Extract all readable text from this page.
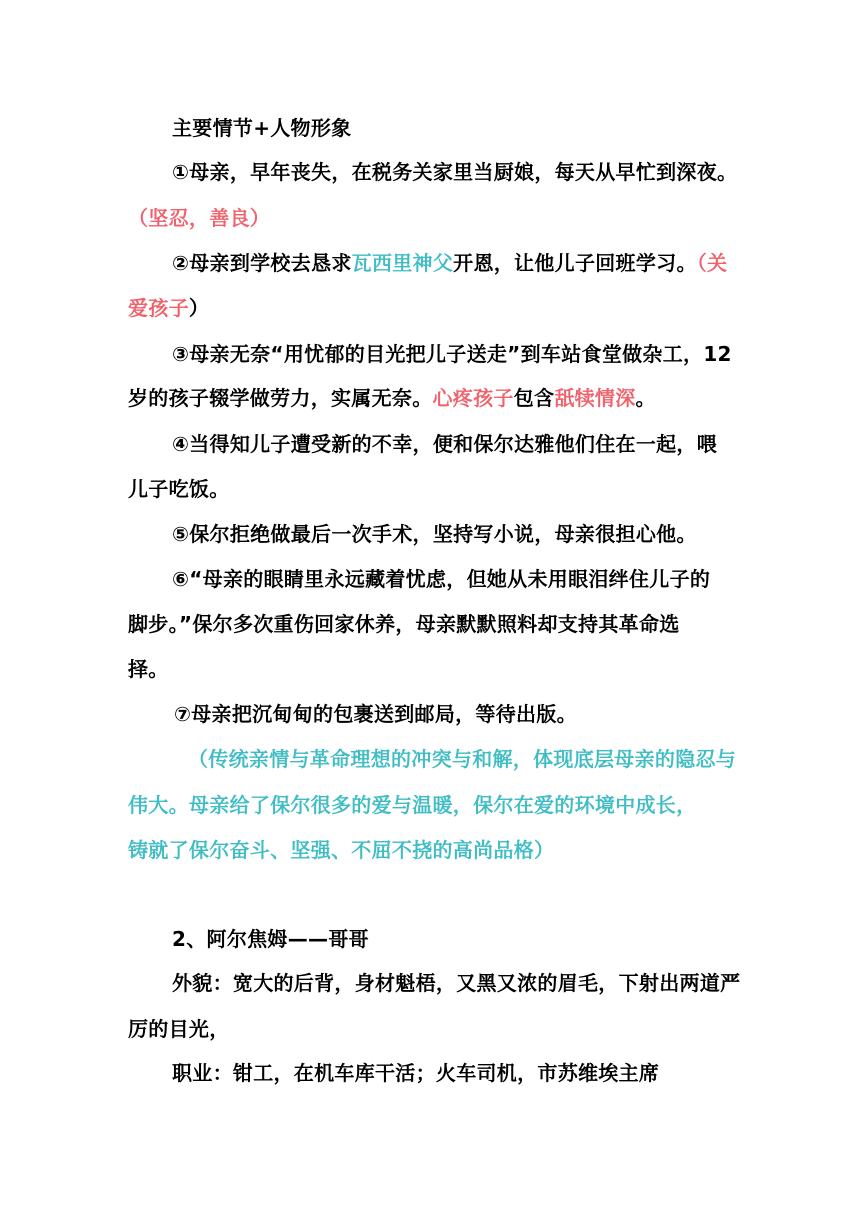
主要情节+人物形象
①母亲，早年丧失，在税务关家里当厨娘，每天从早忙到深夜。
（坚忍，善良）
②母亲到学校去恳求瓦西里神父开恩，让他儿子回班学习。（关
爱孩子）
③母亲无奈“用忧郁的目光把儿子送走”到车站食堂做杂工，12
岁的孩子辍学做劳力，实属无奈。心疼孩子包含舐犊情深。
④当得知儿子遭受新的不幸，便和保尔达雅他们住在一起，喂
儿子吃饭。
⑤保尔拒绝做最后一次手术，坚持写小说，母亲很担心他。
⑥“母亲的眼睛里永远藏着忧虑，但她从未用眼泪绊住儿子的
脚步。”保尔多次重伤回家休养，母亲默默照料却支持其革命选
择。
⑦母亲把沉甸甸的包裹送到邮局，等待出版。
（传统亲情与革命理想的冲突与和解，体现底层母亲的隐忍与
伟大。母亲给了保尔很多的爱与温暖，保尔在爱的环境中成长，
铸就了保尔奋斗、坚强、不屈不挠的高尚品格）
2、阿尔焦姆——哥哥
外貌：宽大的后背，身材魁梧，又黑又浓的眉毛，下射出两道严
厉的目光，
职业：钳工，在机车库干活；火车司机，市苏维埃主席
